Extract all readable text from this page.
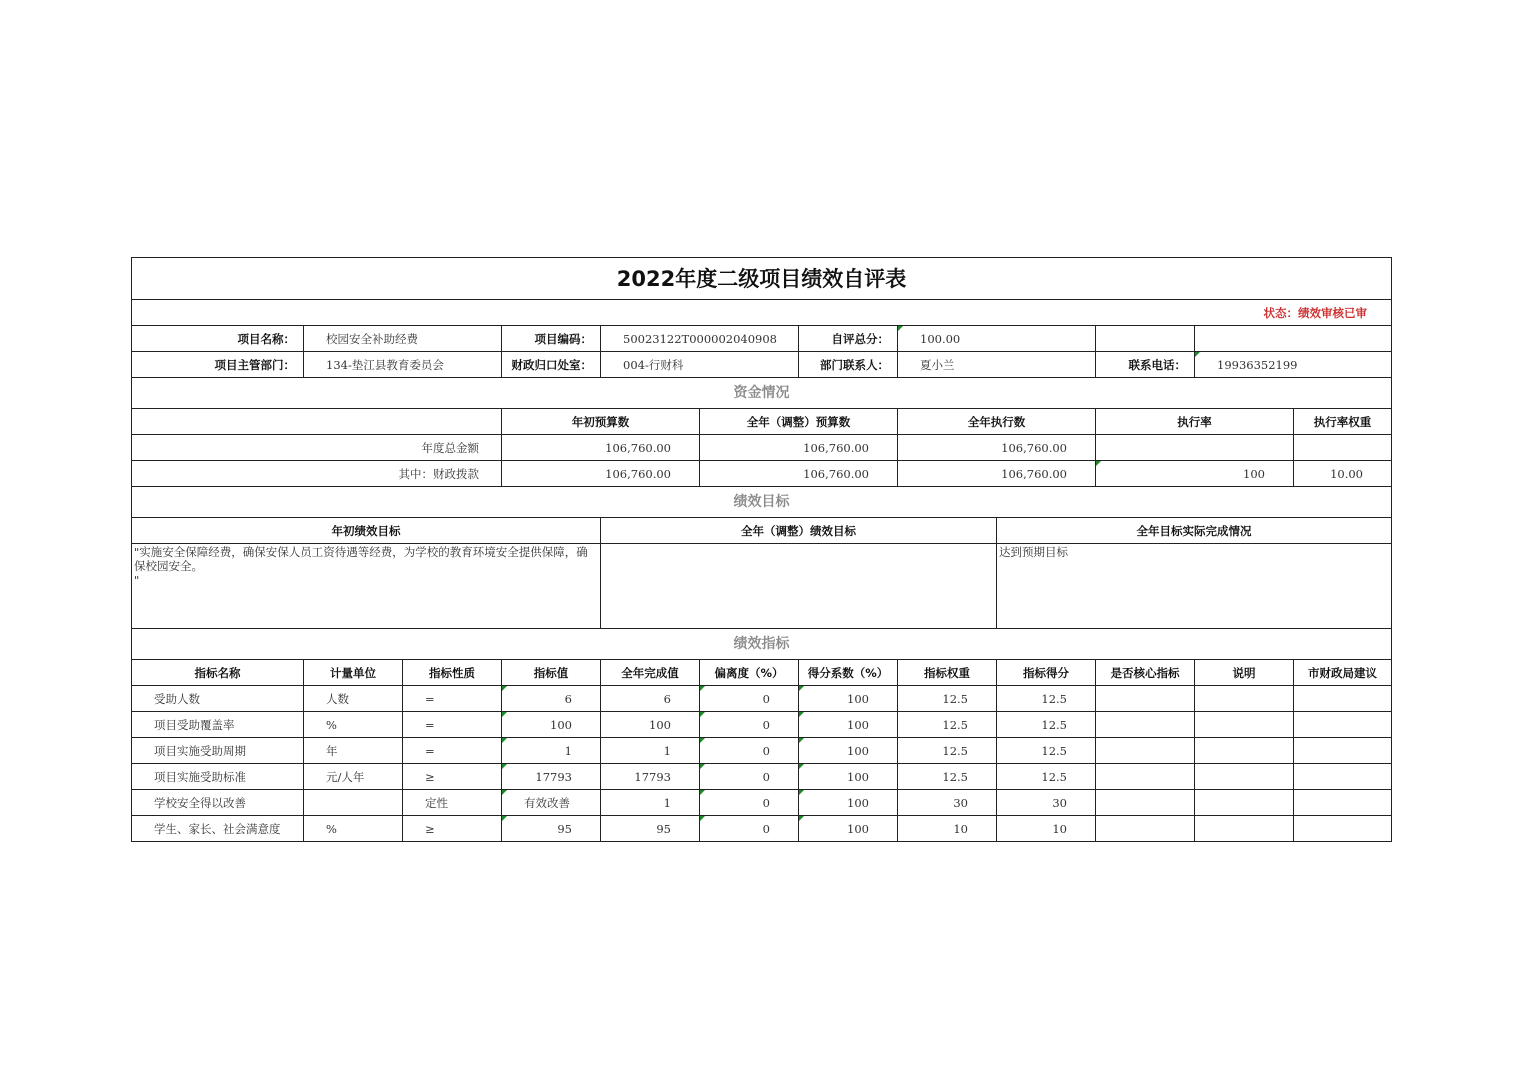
2022年度二级项目绩效自评表												
状态：绩效审核已审												
项目名称：	校园安全补助经费		项目编码：	50023122T000002040908		自评总分：	100.00					
项目主管部门：	134-垫江县教育委员会		财政归口处室：	004-行财科		部门联系人：	夏小兰		联系电话：	19936352199		
资金情况												
			年初预算数		全年（调整）预算数		全年执行数		执行率		执行率权重	
年度总金额			106,760.00		106,760.00		106,760.00					
其中：财政拨款			106,760.00		106,760.00		106,760.00		100		10.00	
绩效目标												
年初绩效目标				全年（调整）绩效目标				全年目标实际完成情况				
"实施安全保障经费，确保安保人员工资待遇等经费，为学校的教育环境安全提供保障，确保校园安全。
"								达到预期目标				
绩效指标												
指标名称	计量单位	指标性质	指标值	全年完成值	偏离度（%）	得分系数（%）	指标权重	指标得分	是否核心指标	说明	市财政局建议	
受助人数	人数	=	6	6	0	100	12.5	12.5				
项目受助覆盖率	%	=	100	100	0	100	12.5	12.5				
项目实施受助周期	年	=	1	1	0	100	12.5	12.5				
项目实施受助标准	元/人年	≥	17793	17793	0	100	12.5	12.5				
学校安全得以改善		定性	有效改善	1	0	100	30	30				
学生、家长、社会满意度	%	≥	95	95	0	100	10	10				
